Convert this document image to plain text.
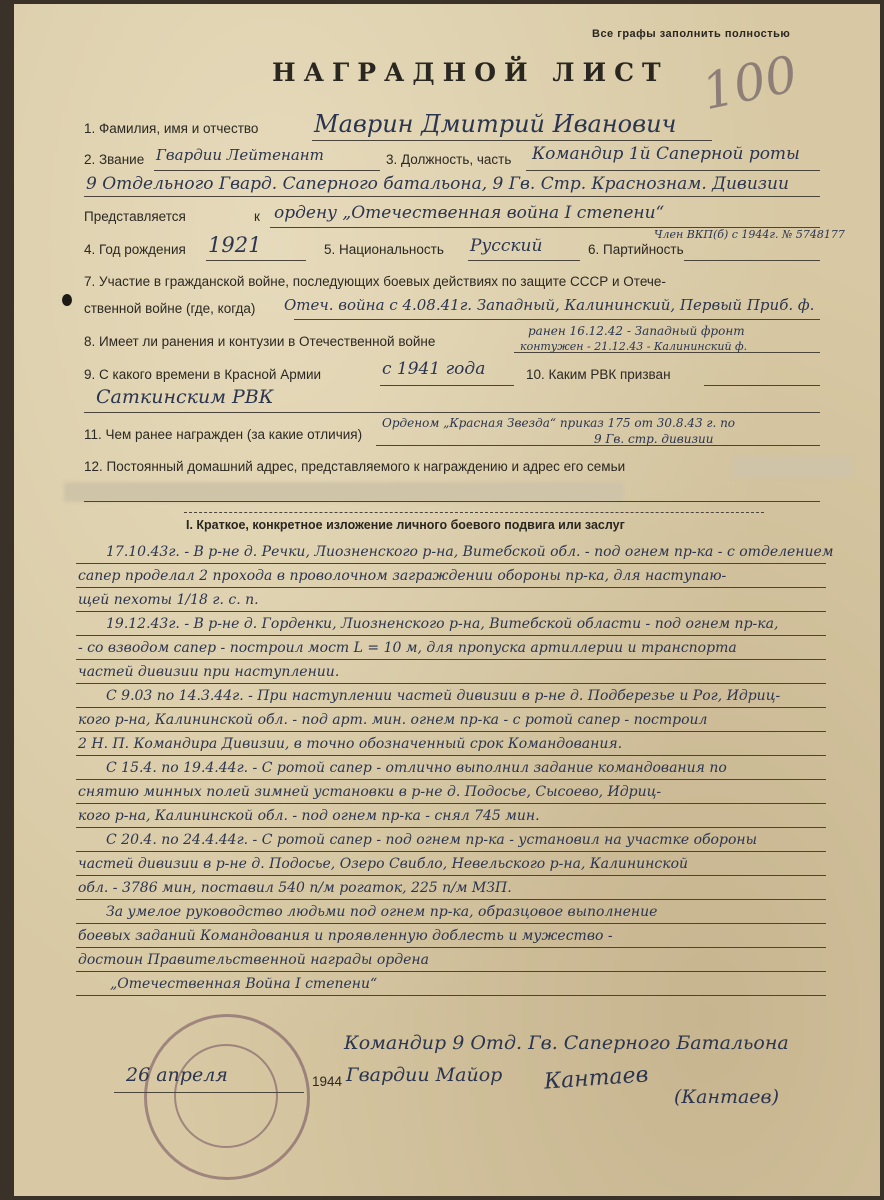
Все графы заполнить полностью
НАГРАДНОЙ ЛИСТ 100
1. Фамилия, имя и отчество Маврин Дмитрий Иванович
2. Звание Гвардии Лейтенант	3. Должность, часть Командир 1й Саперной роты
9 Отдельного Гвард. Саперного батальона, 9 Гв. Стр. Краснознам. Дивизии
Представляется	к ордену „Отечественная война I степени“
4. Год рождения 1921	5. Национальность Русский	6. Партийность
Член ВКП(б) с 1944г. № 5748177
7. Участие в гражданской войне, последующих боевых действиях по защите СССР и Отече-
ственной войне (где, когда) Отеч. война с 4.08.41г. Западный, Калининский, Первый Приб. ф.
8. Имеет ли ранения и контузии в Отечественной войне
ранен 16.12.42 - Западный фронт
контужен - 21.12.43 - Калининский ф.
9. С какого времени в Красной Армии	с 1941 года	10. Каким РВК призван
Саткинским РВК
11. Чем ранее награжден (за какие отличия)
Орденом „Красная Звезда“ приказ 175 от 30.8.43 г. по
9 Гв. стр. дивизии
12. Постоянный домашний адрес, представляемого к награждению и адрес его семьи
I. Краткое, конкретное изложение личного боевого подвига или заслуг
17.10.43г. - В р-не д. Речки, Лиозненского р-на, Витебской обл. - под огнем пр-ка - с отделением
сапер проделал 2 прохода в проволочном заграждении обороны пр-ка, для наступаю-
щей пехоты 1/18 г. с. п.
19.12.43г. - В р-не д. Горденки, Лиозненского р-на, Витебской области - под огнем пр-ка,
- со взводом сапер - построил мост L = 10 м, для пропуска артиллерии и транспорта
частей дивизии при наступлении.
С 9.03 по 14.3.44г. - При наступлении частей дивизии в р-не д. Подберезье и Рог, Идриц-
кого р-на, Калининской обл. - под арт. мин. огнем пр-ка - с ротой сапер - построил
2 Н. П. Командира Дивизии, в точно обозначенный срок Командования.
С 15.4. по 19.4.44г. - С ротой сапер - отлично выполнил задание командования по
снятию минных полей зимней установки в р-не д. Подосье, Сысоево, Идриц-
кого р-на, Калининской обл. - под огнем пр-ка - снял 745 мин.
С 20.4. по 24.4.44г. - С ротой сапер - под огнем пр-ка - установил на участке обороны
частей дивизии в р-не д. Подосье, Озеро Свибло, Невельского р-на, Калининской
обл. - 3786 мин, поставил 540 п/м рогаток, 225 п/м МЗП.
За умелое руководство людьми под огнем пр-ка, образцовое выполнение
боевых заданий Командования и проявленную доблесть и мужество -
достоин Правительственной награды ордена
„Отечественная Война I степени“
Командир 9 Отд. Гв. Саперного Батальона
26 апреля	1944 Гвардии Майор Кантаев
(Кантаев)
